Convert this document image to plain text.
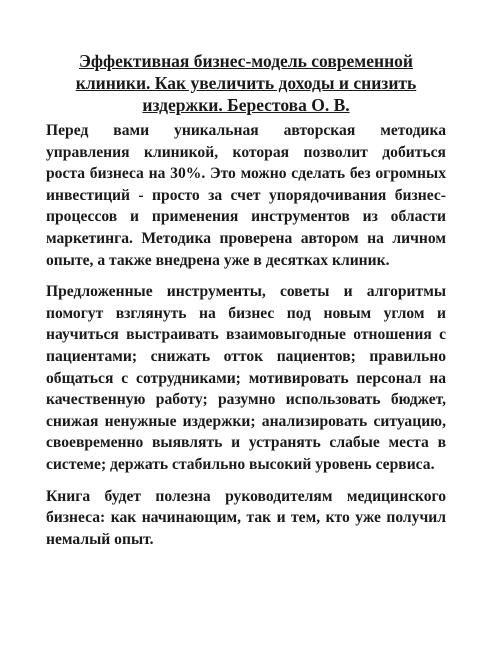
Эффективная бизнес-модель современной клиники. Как увеличить доходы и снизить издержки. Берестова О. В.

Перед вами уникальная авторская методика управления клиникой, которая позволит добиться роста бизнеса на 30%. Это можно сделать без огромных инвестиций - просто за счет упорядочивания бизнес-процессов и применения инструментов из области маркетинга. Методика проверена автором на личном опыте, а также внедрена уже в десятках клиник.

Предложенные инструменты, советы и алгоритмы помогут взглянуть на бизнес под новым углом и научиться выстраивать взаимовыгодные отношения с пациентами; снижать отток пациентов; правильно общаться с сотрудниками; мотивировать персонал на качественную работу; разумно использовать бюджет, снижая ненужные издержки; анализировать ситуацию, своевременно выявлять и устранять слабые места в системе; держать стабильно высокий уровень сервиса.

Книга будет полезна руководителям медицинского бизнеса: как начинающим, так и тем, кто уже получил немалый опыт.
